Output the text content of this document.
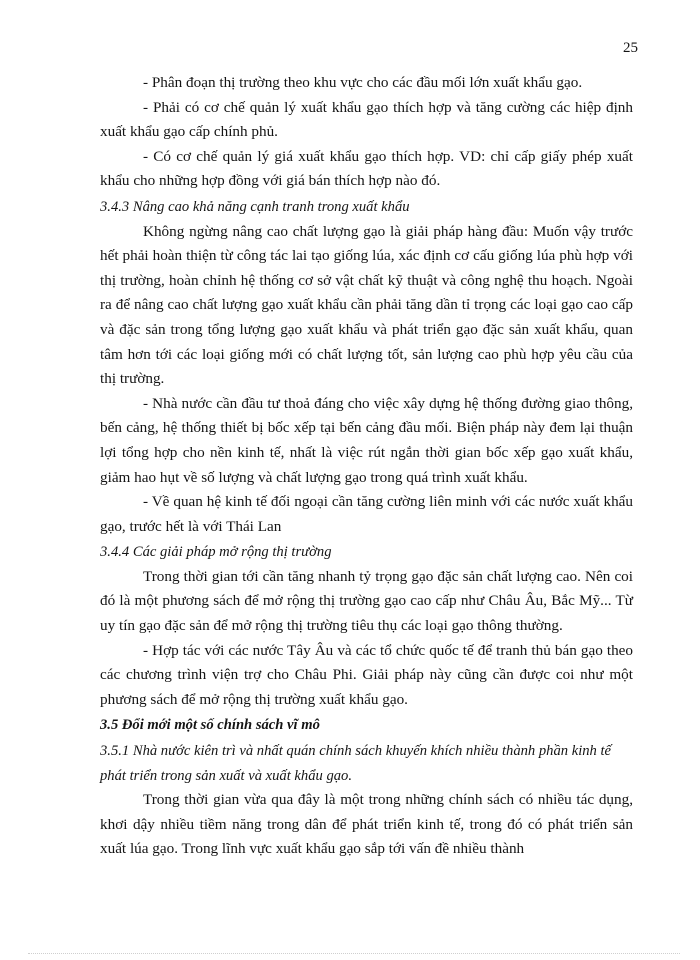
25

- Phân đoạn thị trường theo khu vực cho các đầu mối lớn xuất khẩu gạo.

- Phải có cơ chế quản lý xuất khẩu gạo thích hợp và tăng cường các hiệp định xuất khẩu gạo cấp chính phủ.

- Có cơ chế quản lý giá xuất khẩu gạo thích hợp. VD: chỉ cấp giấy phép xuất khẩu cho những hợp đồng với giá bán thích hợp nào đó.

3.4.3 Nâng cao khả năng cạnh tranh trong xuất khẩu

Không ngừng nâng cao chất lượng gạo là giải pháp hàng đầu: Muốn vậy trước hết phải hoàn thiện từ công tác lai tạo giống lúa, xác định cơ cấu giống lúa phù hợp với thị trường, hoàn chỉnh hệ thống cơ sở vật chất kỹ thuật và công nghệ thu hoạch. Ngoài ra để nâng cao chất lượng gạo xuất khẩu cần phải tăng dần tỉ trọng các loại gạo cao cấp và đặc sản trong tổng lượng gạo xuất khẩu và phát triển gạo đặc sản xuất khẩu, quan tâm hơn tới các loại giống mới có chất lượng tốt, sản lượng cao phù hợp yêu cầu của thị trường.

- Nhà nước cần đầu tư thoả đáng cho việc xây dựng hệ thống đường giao thông, bến cảng, hệ thống thiết bị bốc xếp tại bến cảng đầu mối. Biện pháp này đem lại thuận lợi tổng hợp cho nền kinh tế, nhất là việc rút ngắn thời gian bốc xếp gạo xuất khẩu, giảm hao hụt về số lượng và chất lượng gạo trong quá trình xuất khẩu.

- Về quan hệ kinh tế đối ngoại cần tăng cường liên minh với các nước xuất khẩu gạo, trước hết là với Thái Lan

3.4.4 Các giải pháp mở rộng thị trường

Trong thời gian tới cần tăng nhanh tỷ trọng gạo đặc sản chất lượng cao. Nên coi đó là một phương sách để mở rộng thị trường gạo cao cấp như Châu Âu, Bắc Mỹ... Từ uy tín gạo đặc sản để mở rộng thị trường tiêu thụ các loại gạo thông thường.

- Hợp tác với các nước Tây Âu và các tổ chức quốc tế để tranh thủ bán gạo theo các chương trình viện trợ cho Châu Phi. Giải pháp này cũng cần được coi như một phương sách để mở rộng thị trường xuất khẩu gạo.

3.5 Đổi mới một số chính sách vĩ mô

3.5.1 Nhà nước kiên trì và nhất quán chính sách khuyến khích nhiều thành phần kinh tế phát triển trong sản xuất và xuất khẩu gạo.

Trong thời gian vừa qua đây là một trong những chính sách có nhiều tác dụng, khơi dậy nhiều tiềm năng trong dân để phát triển kinh tế, trong đó có phát triển sản xuất lúa gạo. Trong lĩnh vực xuất khẩu gạo sắp tới vấn đề nhiều thành
